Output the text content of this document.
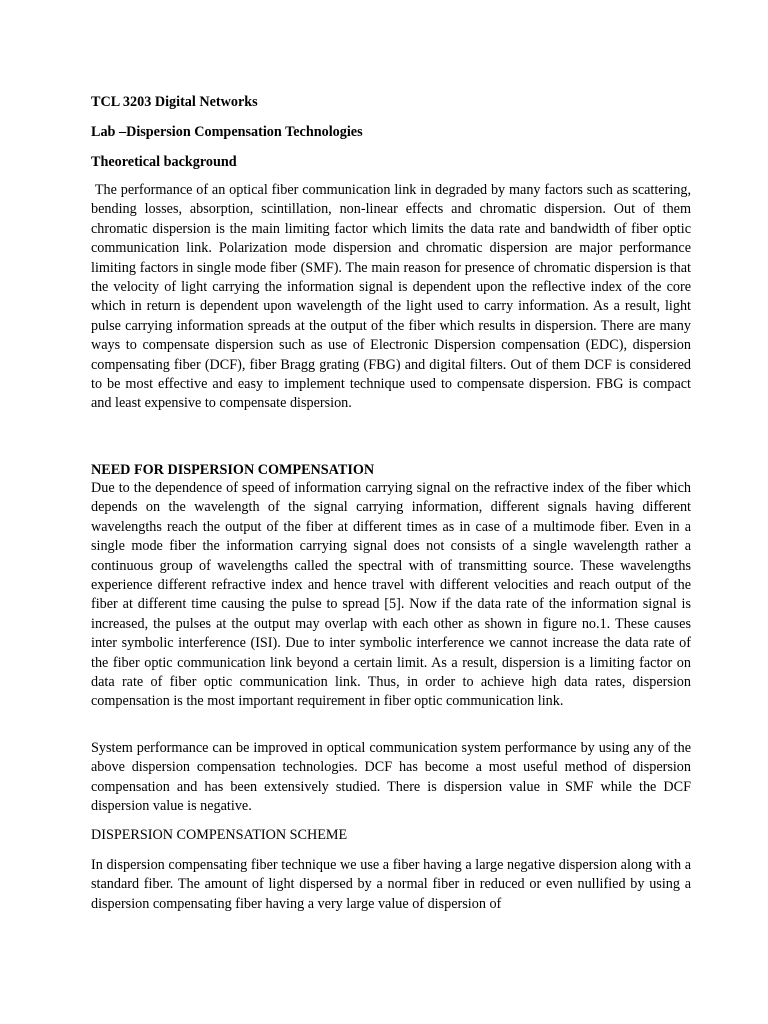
TCL 3203 Digital Networks
Lab –Dispersion Compensation Technologies
Theoretical background

The performance of an optical fiber communication link in degraded by many factors such as scattering, bending losses, absorption, scintillation, non-linear effects and chromatic dispersion. Out of them chromatic dispersion is the main limiting factor which limits the data rate and bandwidth of fiber optic communication link. Polarization mode dispersion and chromatic dispersion are major performance limiting factors in single mode fiber (SMF). The main reason for presence of chromatic dispersion is that the velocity of light carrying the information signal is dependent upon the reflective index of the core which in return is dependent upon wavelength of the light used to carry information. As a result, light pulse carrying information spreads at the output of the fiber which results in dispersion. There are many ways to compensate dispersion such as use of Electronic Dispersion compensation (EDC), dispersion compensating fiber (DCF), fiber Bragg grating (FBG) and digital filters. Out of them DCF is considered to be most effective and easy to implement technique used to compensate dispersion. FBG is compact and least expensive to compensate dispersion.

NEED FOR DISPERSION COMPENSATION

Due to the dependence of speed of information carrying signal on the refractive index of the fiber which depends on the wavelength of the signal carrying information, different signals having different wavelengths reach the output of the fiber at different times as in case of a multimode fiber. Even in a single mode fiber the information carrying signal does not consists of a single wavelength rather a continuous group of wavelengths called the spectral with of transmitting source. These wavelengths experience different refractive index and hence travel with different velocities and reach output of the fiber at different time causing the pulse to spread [5]. Now if the data rate of the information signal is increased, the pulses at the output may overlap with each other as shown in figure no.1. These causes inter symbolic interference (ISI). Due to inter symbolic interference we cannot increase the data rate of the fiber optic communication link beyond a certain limit. As a result, dispersion is a limiting factor on data rate of fiber optic communication link. Thus, in order to achieve high data rates, dispersion compensation is the most important requirement in fiber optic communication link.

System performance can be improved in optical communication system performance by using any of the above dispersion compensation technologies. DCF has become a most useful method of dispersion compensation and has been extensively studied. There is dispersion value in SMF while the DCF dispersion value is negative.

DISPERSION COMPENSATION SCHEME

In dispersion compensating fiber technique we use a fiber having a large negative dispersion along with a standard fiber. The amount of light dispersed by a normal fiber in reduced or even nullified by using a dispersion compensating fiber having a very large value of dispersion of
